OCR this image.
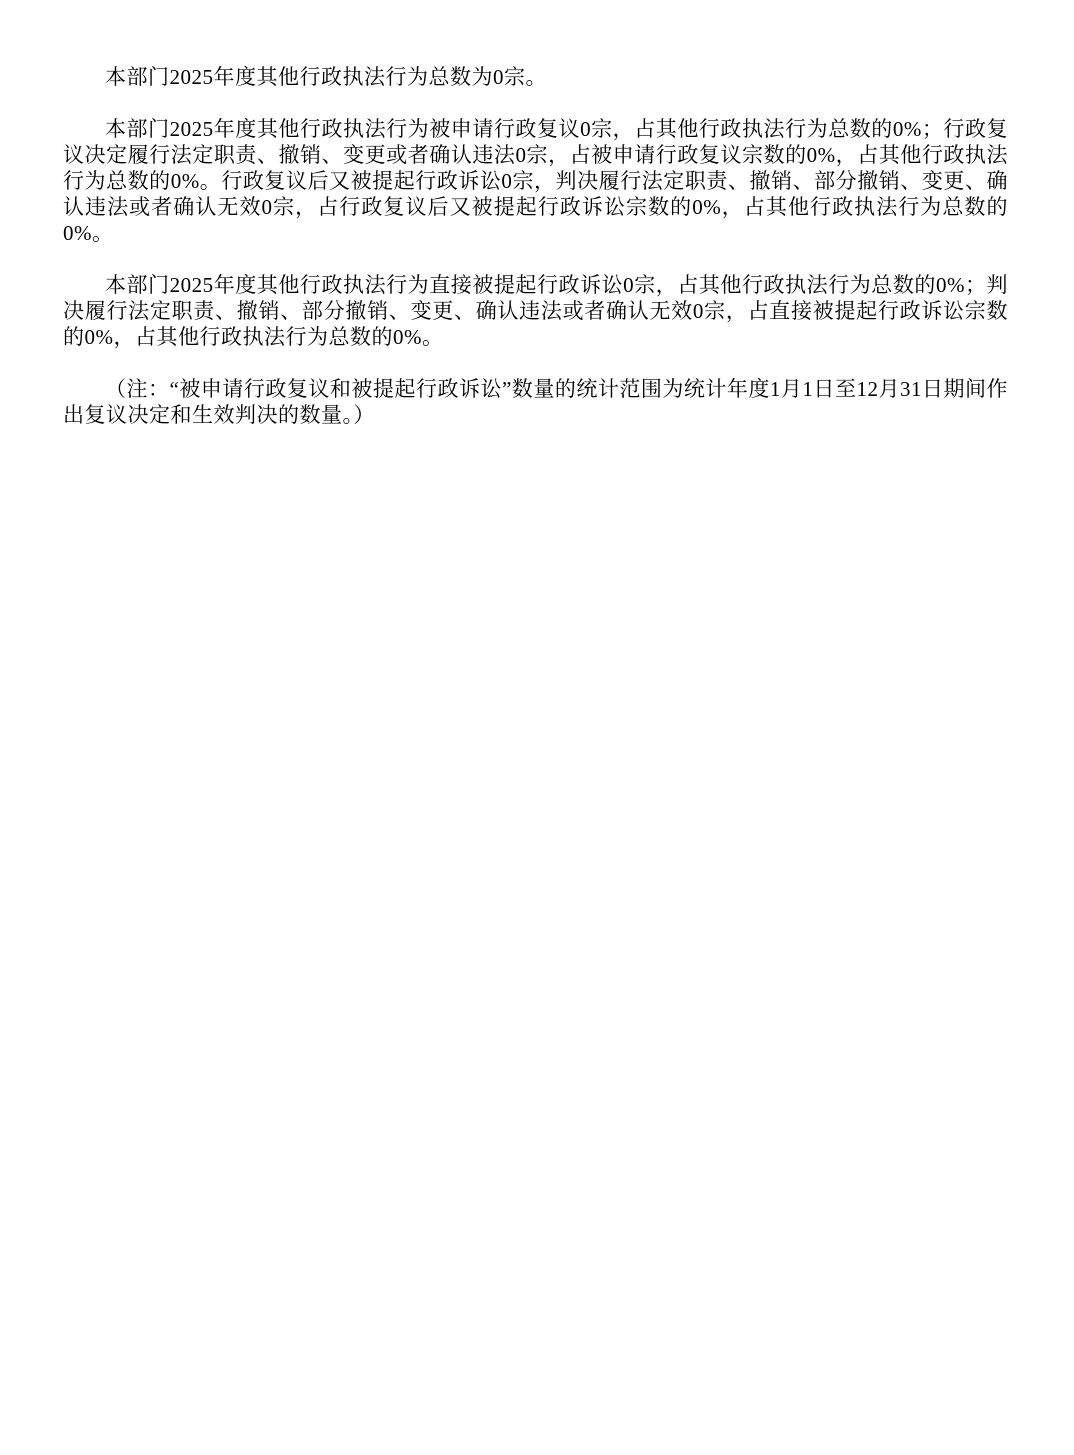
本部门2025年度其他行政执法行为总数为0宗。

本部门2025年度其他行政执法行为被申请行政复议0宗，占其他行政执法行为总数的0%；行政复议决定履行法定职责、撤销、变更或者确认违法0宗，占被申请行政复议宗数的0%，占其他行政执法行为总数的0%。行政复议后又被提起行政诉讼0宗，判决履行法定职责、撤销、部分撤销、变更、确认违法或者确认无效0宗，占行政复议后又被提起行政诉讼宗数的0%，占其他行政执法行为总数的0%。

本部门2025年度其他行政执法行为直接被提起行政诉讼0宗，占其他行政执法行为总数的0%；判决履行法定职责、撤销、部分撤销、变更、确认违法或者确认无效0宗，占直接被提起行政诉讼宗数的0%，占其他行政执法行为总数的0%。

（注：“被申请行政复议和被提起行政诉讼”数量的统计范围为统计年度1月1日至12月31日期间作出复议决定和生效判决的数量。）
